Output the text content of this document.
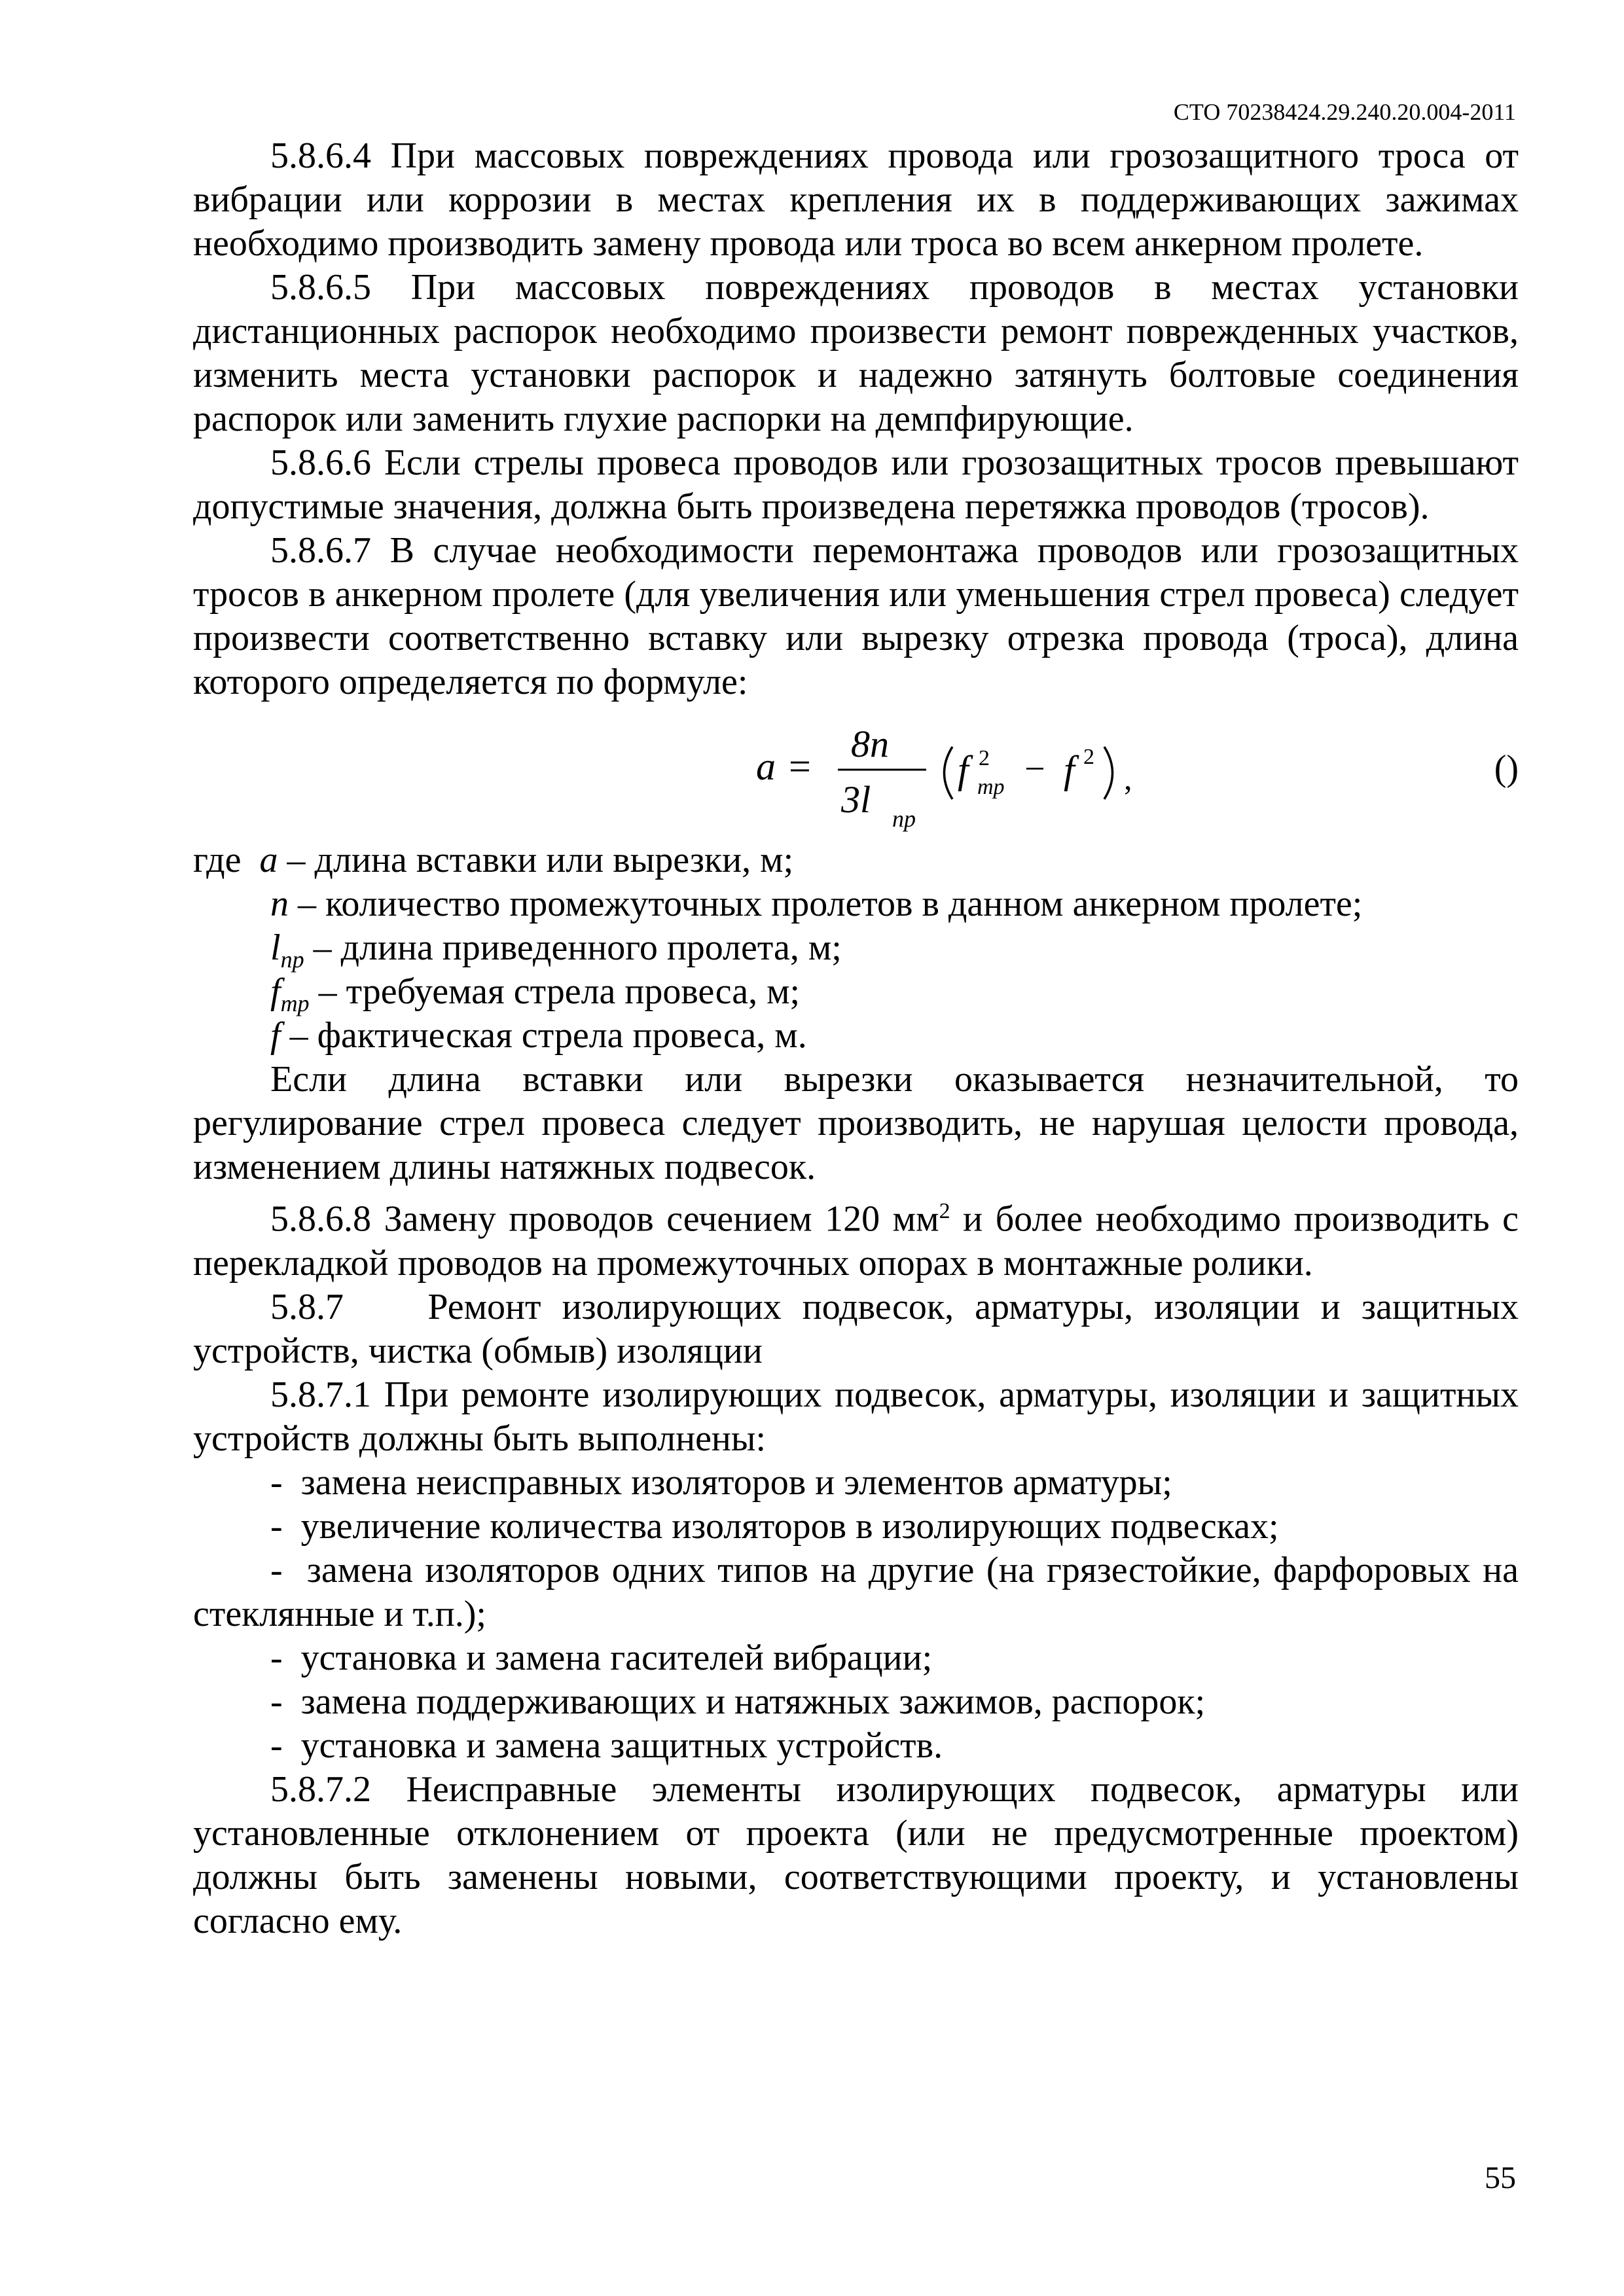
СТО 70238424.29.240.20.004-2011

5.8.6.4 При массовых повреждениях провода или грозозащитного троса от вибрации или коррозии в местах крепления их в поддерживающих зажимах необходимо производить замену провода или троса во всем анкерном пролете.

5.8.6.5 При массовых повреждениях проводов в местах установки дистанционных распорок необходимо произвести ремонт поврежденных участков, изменить места установки распорок и надежно затянуть болтовые соединения распорок или заменить глухие распорки на демпфирующие.

5.8.6.6 Если стрелы провеса проводов или грозозащитных тросов превышают допустимые значения, должна быть произведена перетяжка проводов (тросов).

5.8.6.7 В случае необходимости перемонтажа проводов или грозозащитных тросов в анкерном пролете (для увеличения или уменьшения стрел провеса) следует произвести соответственно вставку или вырезку отрезка провода (троса), длина которого определяется по формуле:

a =
8n
3l пр
f 2
тр − f 2
,	()

где a – длина вставки или вырезки, м;

n – количество промежуточных пролетов в данном анкерном пролете;

$l_{пр}$ – длина приведенного пролета, м;

$f_{тр}$ – требуемая стрела провеса, м;

f – фактическая стрела провеса, м.

Если длина вставки или вырезки оказывается незначительной, то регулирование стрел провеса следует производить, не нарушая целости провода, изменением длины натяжных подвесок.

5.8.6.8 Замену проводов сечением 120 $мм^2$ и более необходимо производить с перекладкой проводов на промежуточных опорах в монтажные ролики.

5.8.7 Ремонт изолирующих подвесок, арматуры, изоляции и защитных устройств, чистка (обмыв) изоляции

5.8.7.1 При ремонте изолирующих подвесок, арматуры, изоляции и защитных устройств должны быть выполнены:

- замена неисправных изоляторов и элементов арматуры;

- увеличение количества изоляторов в изолирующих подвесках;

- замена изоляторов одних типов на другие (на грязестойкие, фарфоровых на стеклянные и т.п.);

- установка и замена гасителей вибрации;

- замена поддерживающих и натяжных зажимов, распорок;

- установка и замена защитных устройств.

5.8.7.2 Неисправные элементы изолирующих подвесок, арматуры или установленные отклонением от проекта (или не предусмотренные проектом) должны быть заменены новыми, соответствующими проекту, и установлены согласно ему.

55
